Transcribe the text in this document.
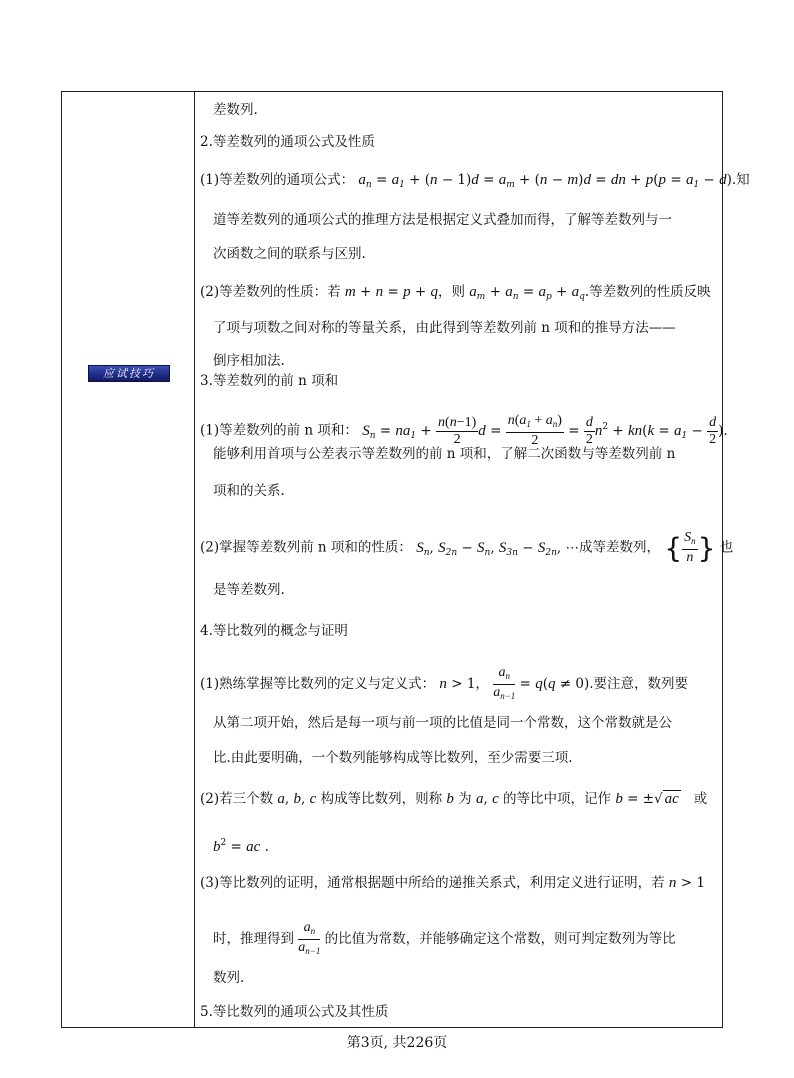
应试技巧
差数列.
2.等差数列的通项公式及性质
(1)等差数列的通项公式： $a_n = a_1 + (n - 1)d = a_m + (n - m)d$ = dn + $p(p = a_1 - d)$.知
道等差数列的通项公式的推理方法是根据定义式叠加而得，了解等差数列与一
次函数之间的联系与区别.
(2)等差数列的性质：若 m + n = p + q，则 $a_m + a_n = a_p + a_q$.等差数列的性质反映
了项与项数之间对称的等量关系，由此得到等差数列前 n 项和的推导方法——
倒序相加法.
3.等差数列的前 n 项和
(1)等差数列的前 n 项和： $S_n = na_1 + \frac{n(n-1)}{2}$ $d = \frac{n(a_1 + a_n)}{2} = \frac{d}{2} n^2 + kn(k = a_1 - \frac{d}{2}$ ).
能够利用首项与公差表示等差数列的前 n 项和，了解二次函数与等差数列前 n
项和的关系.
(2)掌握等差数列前 n 项和的性质： $S_n$, $S_{2n} - S_n$, $S_{3n} - S_{2n}$, ⋯成等差数列， { $\frac{S_n}{n}$ } 也
是等差数列.
4.等比数列的概念与证明
(1)熟练掌握等比数列的定义与定义式： n > 1， $\frac{a_n}{a_{n-1}} = q(q \ne 0)$.要注意，数列要
从第二项开始，然后是每一项与前一项的比值是同一个常数，这个常数就是公
比.由此要明确，一个数列能够构成等比数列，至少需要三项.
(2)若三个数 a, b, c 构成等比数列，则称 b 为 a, c 的等比中项，记作 b = ±√ ac 或
$b^2$ = ac .
(3)等比数列的证明，通常根据题中所给的递推关系式，利用定义进行证明，若 n > 1
时，推理得到 $\frac{a_n}{a_{n-1}}$ 的比值为常数，并能够确定这个常数，则可判定数列为等比
数列.
5.等比数列的通项公式及其性质
第3页, 共226页
